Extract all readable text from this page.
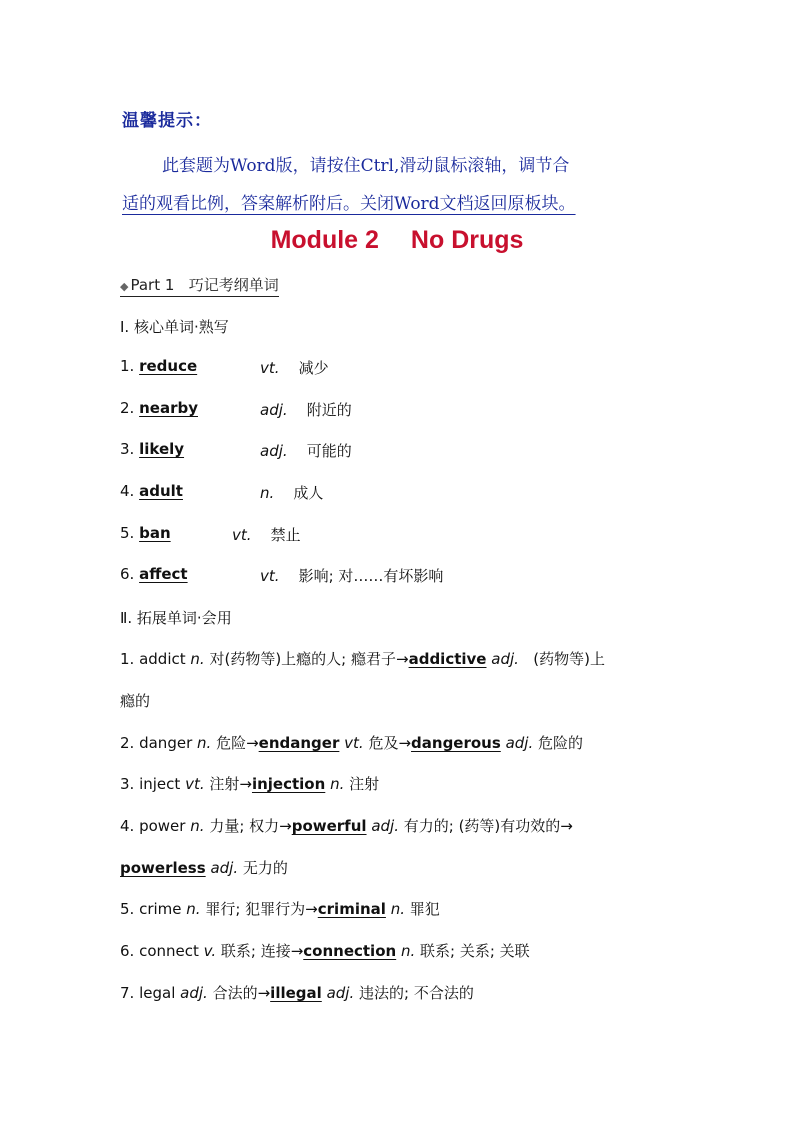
温馨提示：
此套题为Word版，请按住Ctrl,滑动鼠标滚轴，调节合
适的观看比例，答案解析附后。关闭Word文档返回原板块。
Module 2 No Drugs
◆ Part 1 巧记考纲单词
Ⅰ. 核心单词·熟写
1. reduce	vt. 减少
2. nearby	adj. 附近的
3. likely	adj. 可能的
4. adult	n. 成人
5. ban	vt. 禁止
6. affect	vt. 影响; 对……有坏影响
Ⅱ. 拓展单词·会用
1. addict n. 对(药物等)上瘾的人; 瘾君子→addictive adj. (药物等)上
瘾的
2. danger n. 危险→endanger vt. 危及→dangerous adj. 危险的
3. inject vt. 注射→injection n. 注射
4. power n. 力量; 权力→powerful adj. 有力的; (药等)有功效的→
powerless adj. 无力的
5. crime n. 罪行; 犯罪行为→criminal n. 罪犯
6. connect v. 联系; 连接→connection n. 联系; 关系; 关联
7. legal adj. 合法的→illegal adj. 违法的; 不合法的
